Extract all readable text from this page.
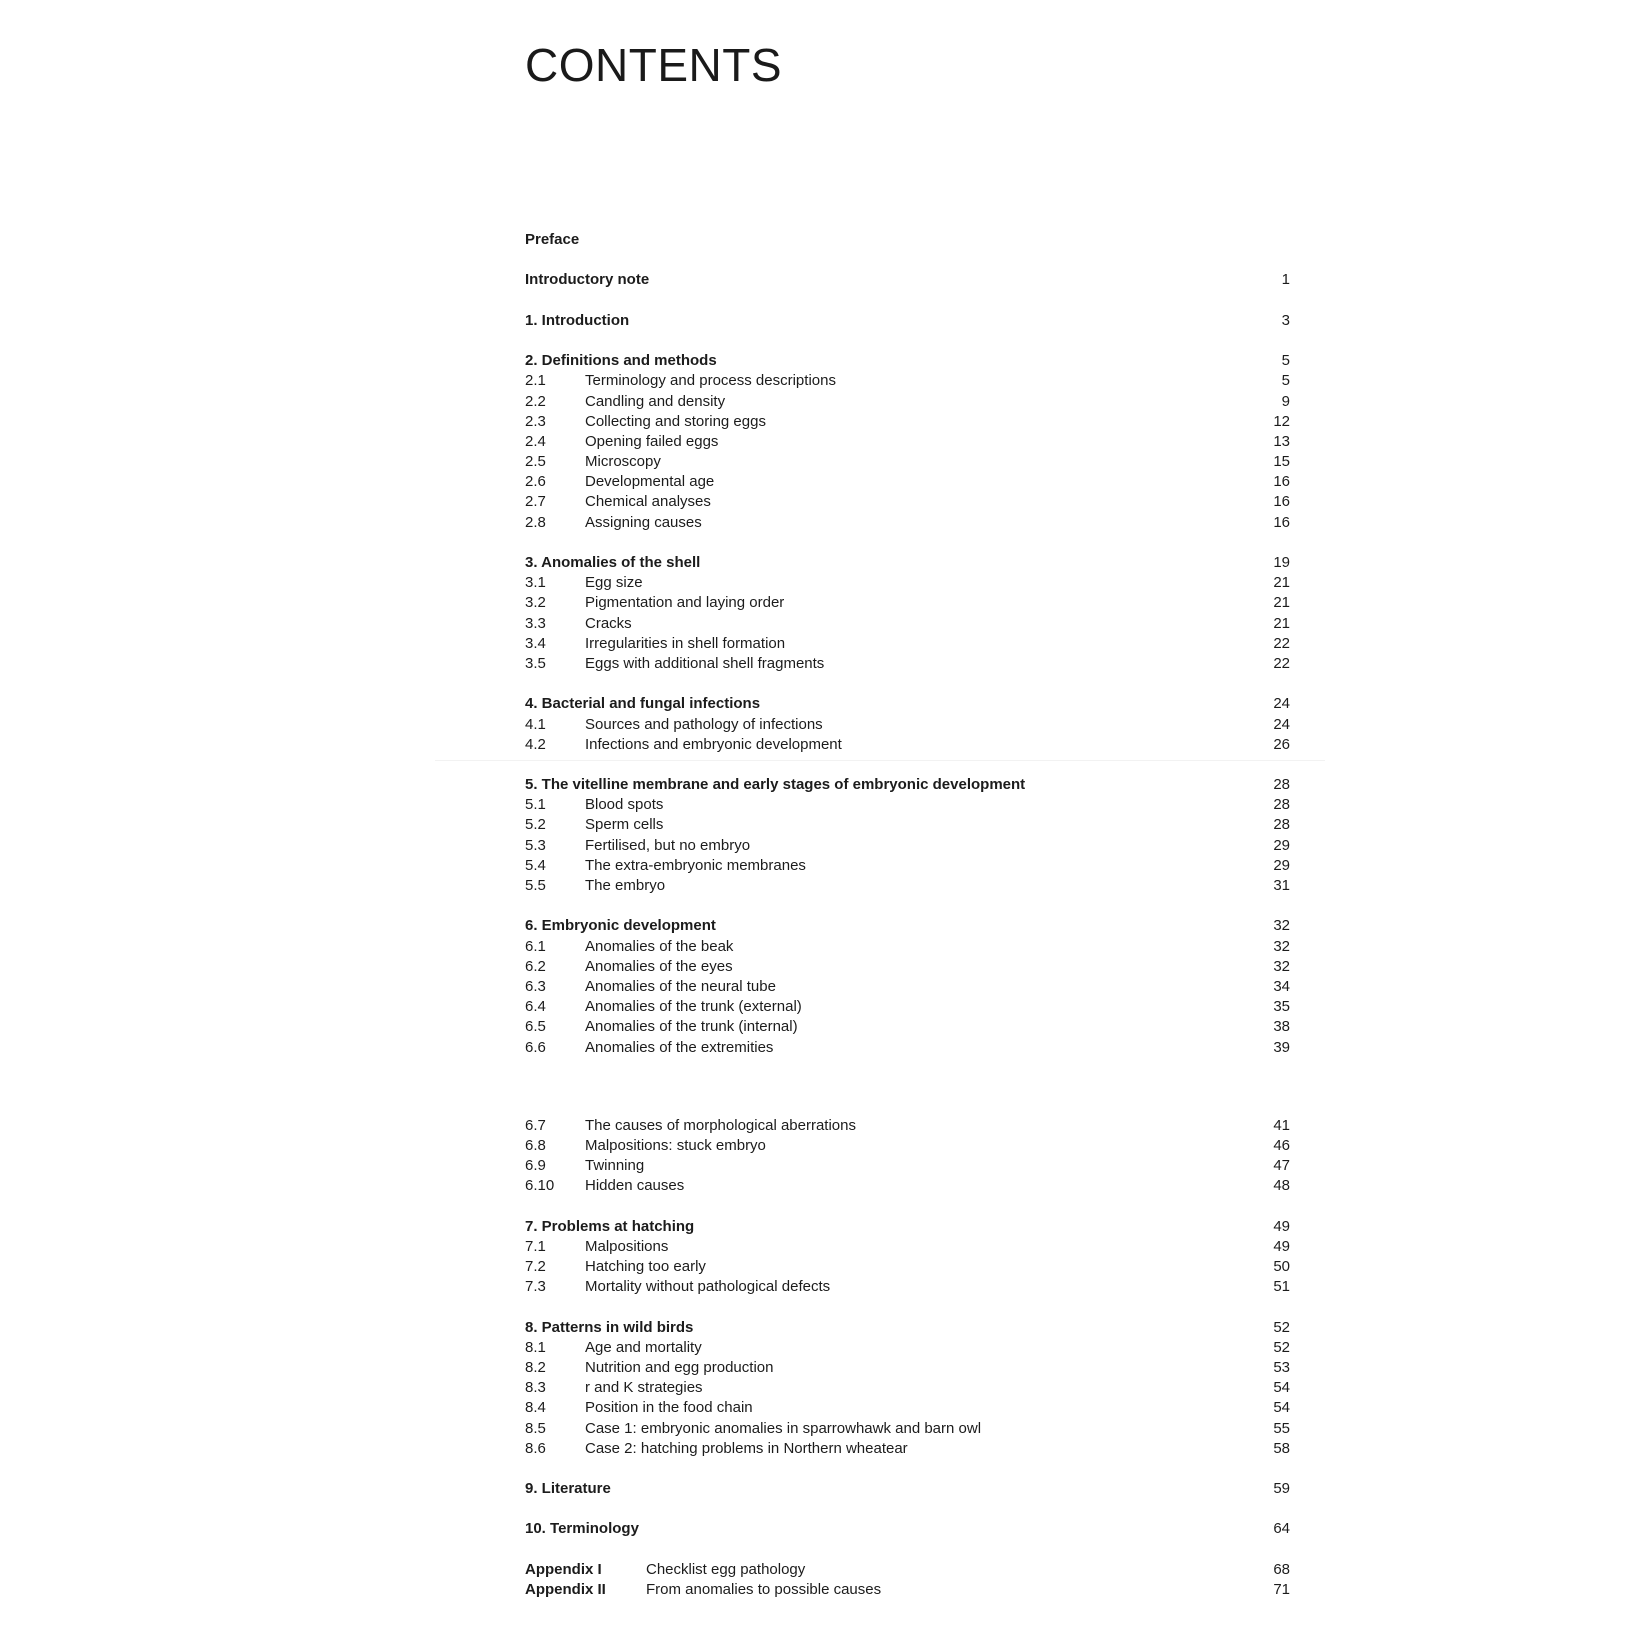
CONTENTS
Preface
Introductory note	1
1. Introduction	3
2. Definitions and methods	5
2.1	Terminology and process descriptions	5
2.2	Candling and density	9
2.3	Collecting and storing eggs	12
2.4	Opening failed eggs	13
2.5	Microscopy	15
2.6	Developmental age	16
2.7	Chemical analyses	16
2.8	Assigning causes	16
3. Anomalies of the shell	19
3.1	Egg size	21
3.2	Pigmentation and laying order	21
3.3	Cracks	21
3.4	Irregularities in shell formation	22
3.5	Eggs with additional shell fragments	22
4. Bacterial and fungal infections	24
4.1	Sources and pathology of infections	24
4.2	Infections and embryonic development	26
5. The vitelline membrane and early stages of embryonic development	28
5.1	Blood spots	28
5.2	Sperm cells	28
5.3	Fertilised, but no embryo	29
5.4	The extra-embryonic membranes	29
5.5	The embryo	31
6. Embryonic development	32
6.1	Anomalies of the beak	32
6.2	Anomalies of the eyes	32
6.3	Anomalies of the neural tube	34
6.4	Anomalies of the trunk (external)	35
6.5	Anomalies of the trunk (internal)	38
6.6	Anomalies of the extremities	39
6.7	The causes of morphological aberrations	41
6.8	Malpositions: stuck embryo	46
6.9	Twinning	47
6.10 Hidden causes	48
7. Problems at hatching	49
7.1	Malpositions	49
7.2	Hatching too early	50
7.3	Mortality without pathological defects	51
8. Patterns in wild birds	52
8.1	Age and mortality	52
8.2	Nutrition and egg production	53
8.3	r and K strategies	54
8.4	Position in the food chain	54
8.5	Case 1: embryonic anomalies in sparrowhawk and barn owl	55
8.6	Case 2: hatching problems in Northern wheatear	58
9. Literature	59
10. Terminology	64
Appendix I	Checklist egg pathology	68
Appendix II	From anomalies to possible causes	71
